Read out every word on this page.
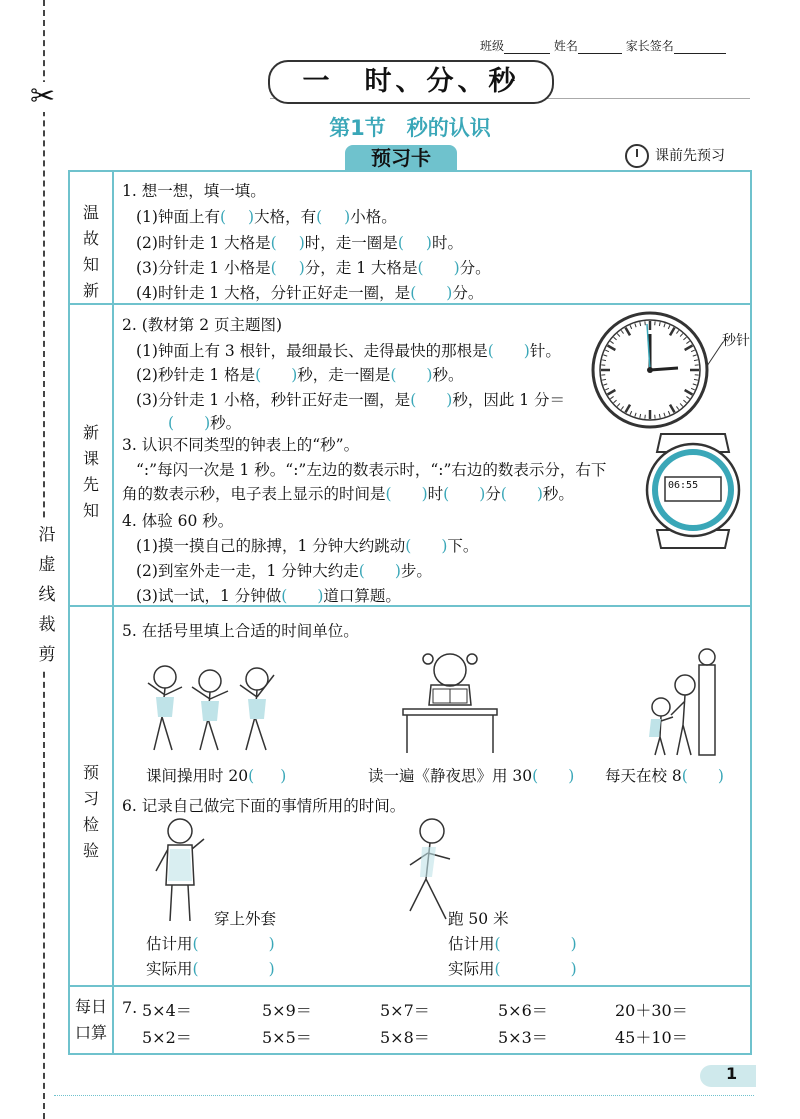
✂
沿
虚
线
裁
剪
班级	姓名	家长签名
一　时、分、秒
第1节　秒的认识
预习卡	课前先预习
温
故
知
新
新
课
先
知
预
习
检
验
每日
口算
1. 想一想，填一填。
(1)钟面上有( )大格，有( )小格。
(2)时针走 1 大格是( )时，走一圈是( )时。
(3)分针走 1 小格是( )分，走 1 大格是( )分。
(4)时针走 1 大格，分针正好走一圈，是( )分。
2. (教材第 2 页主题图)
(1)钟面上有 3 根针，最细最长、走得最快的那根是( )针。
(2)秒针走 1 格是( )秒，走一圈是( )秒。
(3)分针走 1 小格，秒针正好走一圈，是( )秒，因此 1 分＝
( )秒。
秒针
06:55
3. 认识不同类型的钟表上的“秒”。
“:”每闪一次是 1 秒。“:”左边的数表示时，“:”右边的数表示分，右下
角的数表示秒，电子表上显示的时间是( )时( )分( )秒。
4. 体验 60 秒。
(1)摸一摸自己的脉搏，1 分钟大约跳动( )下。
(2)到室外走一走，1 分钟大约走( )步。
(3)试一试，1 分钟做( )道口算题。
5. 在括号里填上合适的时间单位。
课间操用时 20( )	读一遍《静夜思》用 30( ) 每天在校 8( )
6. 记录自己做完下面的事情所用的时间。
穿上外套	跑 50 米
估计用(	)
实际用(	)
估计用(	)
实际用(	)
7. 5×4＝	5×9＝	5×7＝	5×6＝	20＋30＝
5×2＝	5×5＝	5×8＝	5×3＝	45＋10＝
1
